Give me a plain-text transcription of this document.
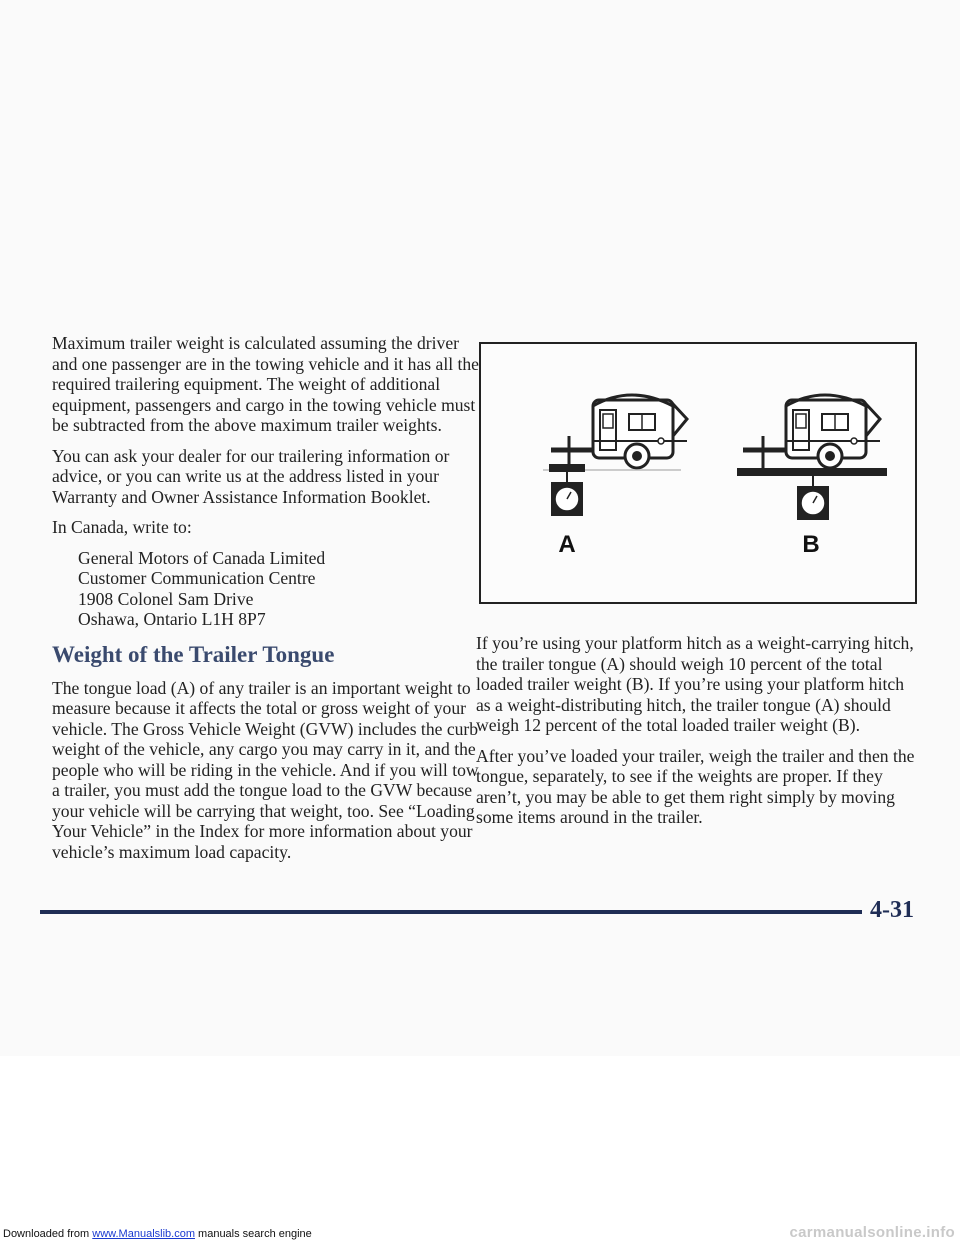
Maximum trailer weight is calculated assuming the driver and one passenger are in the towing vehicle and it has all the required trailering equipment. The weight of additional equipment, passengers and cargo in the towing vehicle must be subtracted from the above maximum trailer weights.

You can ask your dealer for our trailering information or advice, or you can write us at the address listed in your Warranty and Owner Assistance Information Booklet.

In Canada, write to:

General Motors of Canada Limited
Customer Communication Centre
1908 Colonel Sam Drive
Oshawa, Ontario L1H 8P7
Weight of the Trailer Tongue

The tongue load (A) of any trailer is an important weight to measure because it affects the total or gross weight of your vehicle. The Gross Vehicle Weight (GVW) includes the curb weight of the vehicle, any cargo you may carry in it, and the people who will be riding in the vehicle. And if you will tow a trailer, you must add the tongue load to the GVW because your vehicle will be carrying that weight, too. See “Loading Your Vehicle” in the Index for more information about your vehicle’s maximum load capacity.

A	B

If you’re using your platform hitch as a weight-carrying hitch, the trailer tongue (A) should weigh 10 percent of the total loaded trailer weight (B). If you’re using your platform hitch as a weight-distributing hitch, the trailer tongue (A) should weigh 12 percent of the total loaded trailer weight (B).

After you’ve loaded your trailer, weigh the trailer and then the tongue, separately, to see if the weights are proper. If they aren’t, you may be able to get them right simply by moving some items around in the trailer.

4-31
Downloaded from www.Manualslib.com manuals search engine	carmanualsonline.info
